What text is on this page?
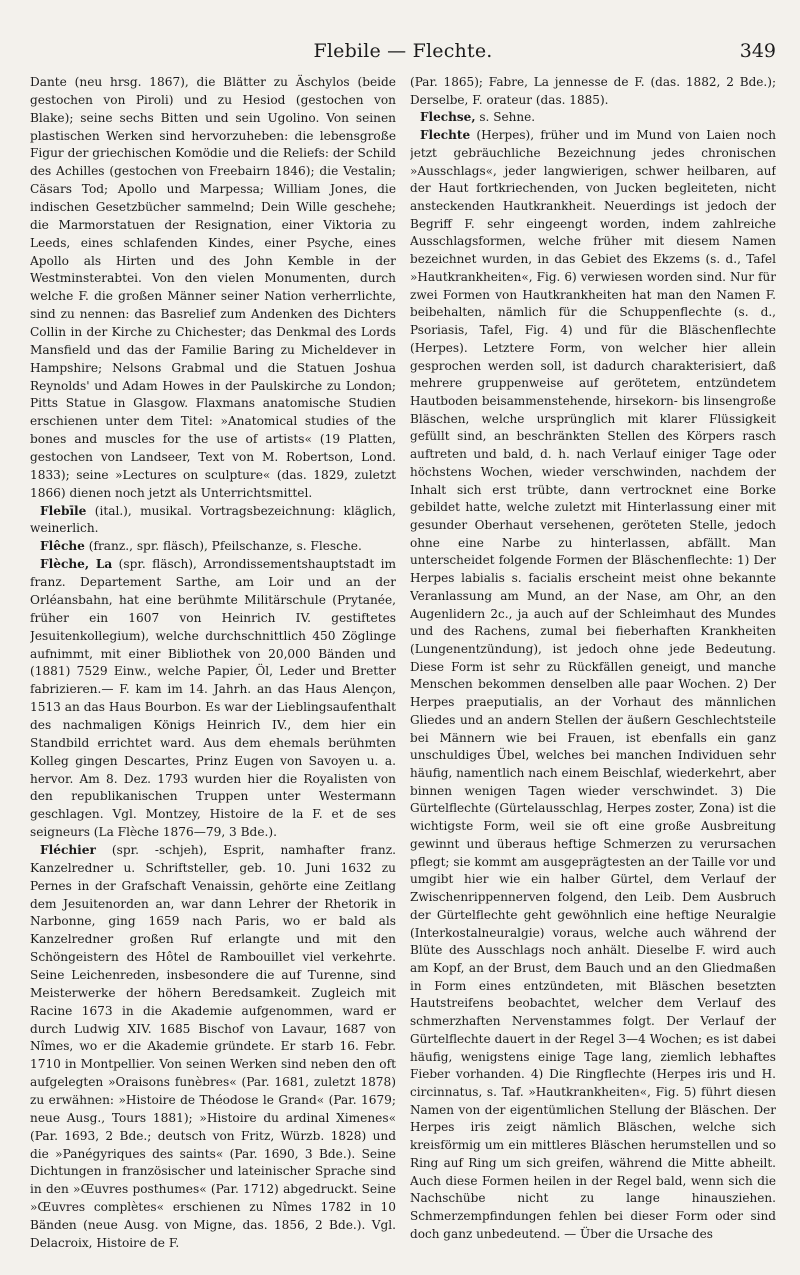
Flebile — Flechte.	349

Dante (neu hrsg. 1867), die Blätter zu Äschylos (beide gestochen von Piroli) und zu Hesiod (gestochen von Blake); seine sechs Bitten und sein Ugolino. Von seinen plastischen Werken sind hervorzuheben: die lebensgroße Figur der griechischen Komödie und die Reliefs: der Schild des Achilles (gestochen von Freebairn 1846); die Vestalin; Cäsars Tod; Apollo und Marpessa; William Jones, die indischen Gesetzbücher sammelnd; Dein Wille geschehe; die Marmorstatuen der Resignation, einer Viktoria zu Leeds, eines schlafenden Kindes, einer Psyche, eines Apollo als Hirten und des John Kemble in der Westminsterabtei. Von den vielen Monumenten, durch welche F. die großen Männer seiner Nation verherrlichte, sind zu nennen: das Basrelief zum Andenken des Dichters Collin in der Kirche zu Chichester; das Denkmal des Lords Mansfield und das der Familie Baring zu Micheldever in Hampshire; Nelsons Grabmal und die Statuen Joshua Reynolds' und Adam Howes in der Paulskirche zu London; Pitts Statue in Glasgow. Flaxmans anatomische Studien erschienen unter dem Titel: »Anatomical studies of the bones and muscles for the use of artists« (19 Platten, gestochen von Landseer, Text von M. Robertson, Lond. 1833); seine »Lectures on sculpture« (das. 1829, zuletzt 1866) dienen noch jetzt als Unterrichtsmittel.

Flebīle (ital.), musikal. Vortragsbezeichnung: kläglich, weinerlich.

Flêche (franz., spr. fläsch), Pfeilschanze, s. Flesche.

Flèche, La (spr. fläsch), Arrondissementshauptstadt im franz. Departement Sarthe, am Loir und an der Orléansbahn, hat eine berühmte Militärschule (Prytanée, früher ein 1607 von Heinrich IV. gestiftetes Jesuitenkollegium), welche durchschnittlich 450 Zöglinge aufnimmt, mit einer Bibliothek von 20,000 Bänden und (1881) 7529 Einw., welche Papier, Öl, Leder und Bretter fabrizieren.— F. kam im 14. Jahrh. an das Haus Alençon, 1513 an das Haus Bourbon. Es war der Lieblingsaufenthalt des nachmaligen Königs Heinrich IV., dem hier ein Standbild errichtet ward. Aus dem ehemals berühmten Kolleg gingen Descartes, Prinz Eugen von Savoyen u. a. hervor. Am 8. Dez. 1793 wurden hier die Royalisten von den republikanischen Truppen unter Westermann geschlagen. Vgl. Montzey, Histoire de la F. et de ses seigneurs (La Flèche 1876—79, 3 Bde.).

Fléchier (spr. -schjeh), Esprit, namhafter franz. Kanzelredner u. Schriftsteller, geb. 10. Juni 1632 zu Pernes in der Grafschaft Venaissin, gehörte eine Zeitlang dem Jesuitenorden an, war dann Lehrer der Rhetorik in Narbonne, ging 1659 nach Paris, wo er bald als Kanzelredner großen Ruf erlangte und mit den Schöngeistern des Hôtel de Rambouillet viel verkehrte. Seine Leichenreden, insbesondere die auf Turenne, sind Meisterwerke der höhern Beredsamkeit. Zugleich mit Racine 1673 in die Akademie aufgenommen, ward er durch Ludwig XIV. 1685 Bischof von Lavaur, 1687 von Nîmes, wo er die Akademie gründete. Er starb 16. Febr. 1710 in Montpellier. Von seinen Werken sind neben den oft aufgelegten »Oraisons funèbres« (Par. 1681, zuletzt 1878) zu erwähnen: »Histoire de Théodose le Grand« (Par. 1679; neue Ausg., Tours 1881); »Histoire du ardinal Ximenes« (Par. 1693, 2 Bde.; deutsch von Fritz, Würzb. 1828) und die »Panégyriques des saints« (Par. 1690, 3 Bde.). Seine Dichtungen in französischer und lateinischer Sprache sind in den »Œuvres posthumes« (Par. 1712) abgedruckt. Seine »Œuvres complètes« erschienen zu Nîmes 1782 in 10 Bänden (neue Ausg. von Migne, das. 1856, 2 Bde.). Vgl. Delacroix, Histoire de F.

(Par. 1865); Fabre, La jennesse de F. (das. 1882, 2 Bde.); Derselbe, F. orateur (das. 1885).

Flechse, s. Sehne.

Flechte (Herpes), früher und im Mund von Laien noch jetzt gebräuchliche Bezeichnung jedes chronischen »Ausschlags«, jeder langwierigen, schwer heilbaren, auf der Haut fortkriechenden, von Jucken begleiteten, nicht ansteckenden Hautkrankheit. Neuerdings ist jedoch der Begriff F. sehr eingeengt worden, indem zahlreiche Ausschlagsformen, welche früher mit diesem Namen bezeichnet wurden, in das Gebiet des Ekzems (s. d., Tafel »Hautkrankheiten«, Fig. 6) verwiesen worden sind. Nur für zwei Formen von Hautkrankheiten hat man den Namen F. beibehalten, nämlich für die Schuppenflechte (s. d., Psoriasis, Tafel, Fig. 4) und für die Bläschenflechte (Herpes). Letztere Form, von welcher hier allein gesprochen werden soll, ist dadurch charakterisiert, daß mehrere gruppenweise auf gerötetem, entzündetem Hautboden beisammenstehende, hirsekorn- bis linsengroße Bläschen, welche ursprünglich mit klarer Flüssigkeit gefüllt sind, an beschränkten Stellen des Körpers rasch auftreten und bald, d. h. nach Verlauf einiger Tage oder höchstens Wochen, wieder verschwinden, nachdem der Inhalt sich erst trübte, dann vertrocknet eine Borke gebildet hatte, welche zuletzt mit Hinterlassung einer mit gesunder Oberhaut versehenen, geröteten Stelle, jedoch ohne eine Narbe zu hinterlassen, abfällt. Man unterscheidet folgende Formen der Bläschenflechte: 1) Der Herpes labialis s. facialis erscheint meist ohne bekannte Veranlassung am Mund, an der Nase, am Ohr, an den Augenlidern 2c., ja auch auf der Schleimhaut des Mundes und des Rachens, zumal bei fieberhaften Krankheiten (Lungenentzündung), ist jedoch ohne jede Bedeutung. Diese Form ist sehr zu Rückfällen geneigt, und manche Menschen bekommen denselben alle paar Wochen. 2) Der Herpes praeputialis, an der Vorhaut des männlichen Gliedes und an andern Stellen der äußern Geschlechtsteile bei Männern wie bei Frauen, ist ebenfalls ein ganz unschuldiges Übel, welches bei manchen Individuen sehr häufig, namentlich nach einem Beischlaf, wiederkehrt, aber binnen wenigen Tagen wieder verschwindet. 3) Die Gürtelflechte (Gürtelausschlag, Herpes zoster, Zona) ist die wichtigste Form, weil sie oft eine große Ausbreitung gewinnt und überaus heftige Schmerzen zu verursachen pflegt; sie kommt am ausgeprägtesten an der Taille vor und umgibt hier wie ein halber Gürtel, dem Verlauf der Zwischenrippennerven folgend, den Leib. Dem Ausbruch der Gürtelflechte geht gewöhnlich eine heftige Neuralgie (Interkostalneuralgie) voraus, welche auch während der Blüte des Ausschlags noch anhält. Dieselbe F. wird auch am Kopf, an der Brust, dem Bauch und an den Gliedmaßen in Form eines entzündeten, mit Bläschen besetzten Hautstreifens beobachtet, welcher dem Verlauf des schmerzhaften Nervenstammes folgt. Der Verlauf der Gürtelflechte dauert in der Regel 3—4 Wochen; es ist dabei häufig, wenigstens einige Tage lang, ziemlich lebhaftes Fieber vorhanden. 4) Die Ringflechte (Herpes iris und H. circinnatus, s. Taf. »Hautkrankheiten«, Fig. 5) führt diesen Namen von der eigentümlichen Stellung der Bläschen. Der Herpes iris zeigt nämlich Bläschen, welche sich kreisförmig um ein mittleres Bläschen herumstellen und so Ring auf Ring um sich greifen, während die Mitte abheilt. Auch diese Formen heilen in der Regel bald, wenn sich die Nachschübe nicht zu lange hinausziehen. Schmerzempfindungen fehlen bei dieser Form oder sind doch ganz unbedeutend. — Über die Ursache des
